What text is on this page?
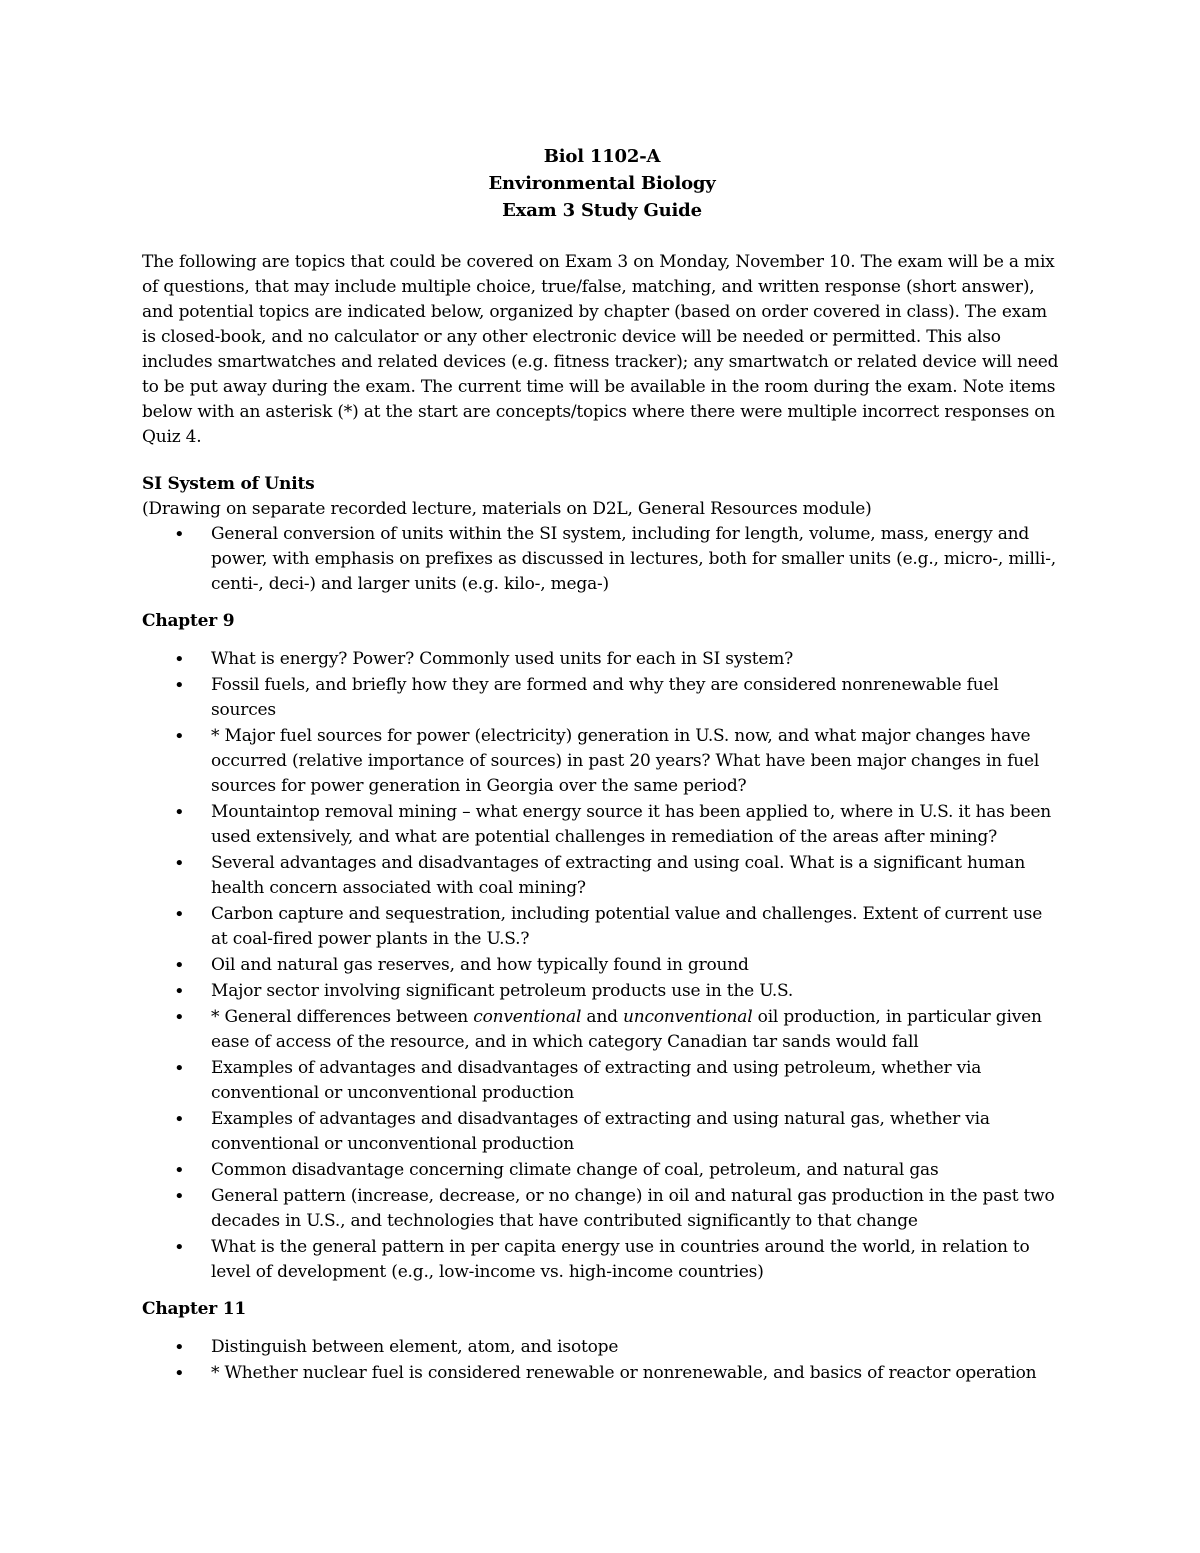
Biol 1102-A
Environmental Biology
Exam 3 Study Guide

The following are topics that could be covered on Exam 3 on Monday, November 10. The exam will be a mix of questions, that may include multiple choice, true/false, matching, and written response (short answer), and potential topics are indicated below, organized by chapter (based on order covered in class). The exam is closed-book, and no calculator or any other electronic device will be needed or permitted. This also includes smartwatches and related devices (e.g. fitness tracker); any smartwatch or related device will need to be put away during the exam. The current time will be available in the room during the exam. Note items below with an asterisk (*) at the start are concepts/topics where there were multiple incorrect responses on Quiz 4.

SI System of Units

(Drawing on separate recorded lecture, materials on D2L, General Resources module)

• General conversion of units within the SI system, including for length, volume, mass, energy and power, with emphasis on prefixes as discussed in lectures, both for smaller units (e.g., micro-, milli-, centi-, deci-) and larger units (e.g. kilo-, mega-)
Chapter 9
• What is energy? Power? Commonly used units for each in SI system?
• Fossil fuels, and briefly how they are formed and why they are considered nonrenewable fuel sources
• * Major fuel sources for power (electricity) generation in U.S. now, and what major changes have occurred (relative importance of sources) in past 20 years? What have been major changes in fuel sources for power generation in Georgia over the same period?
• Mountaintop removal mining – what energy source it has been applied to, where in U.S. it has been used extensively, and what are potential challenges in remediation of the areas after mining?
• Several advantages and disadvantages of extracting and using coal. What is a significant human health concern associated with coal mining?
• Carbon capture and sequestration, including potential value and challenges. Extent of current use at coal-fired power plants in the U.S.?
• Oil and natural gas reserves, and how typically found in ground
• Major sector involving significant petroleum products use in the U.S.
• * General differences between conventional and unconventional oil production, in particular given ease of access of the resource, and in which category Canadian tar sands would fall
• Examples of advantages and disadvantages of extracting and using petroleum, whether via conventional or unconventional production
• Examples of advantages and disadvantages of extracting and using natural gas, whether via conventional or unconventional production
• Common disadvantage concerning climate change of coal, petroleum, and natural gas
• General pattern (increase, decrease, or no change) in oil and natural gas production in the past two decades in U.S., and technologies that have contributed significantly to that change
• What is the general pattern in per capita energy use in countries around the world, in relation to level of development (e.g., low-income vs. high-income countries)
Chapter 11
• Distinguish between element, atom, and isotope
• * Whether nuclear fuel is considered renewable or nonrenewable, and basics of reactor operation
